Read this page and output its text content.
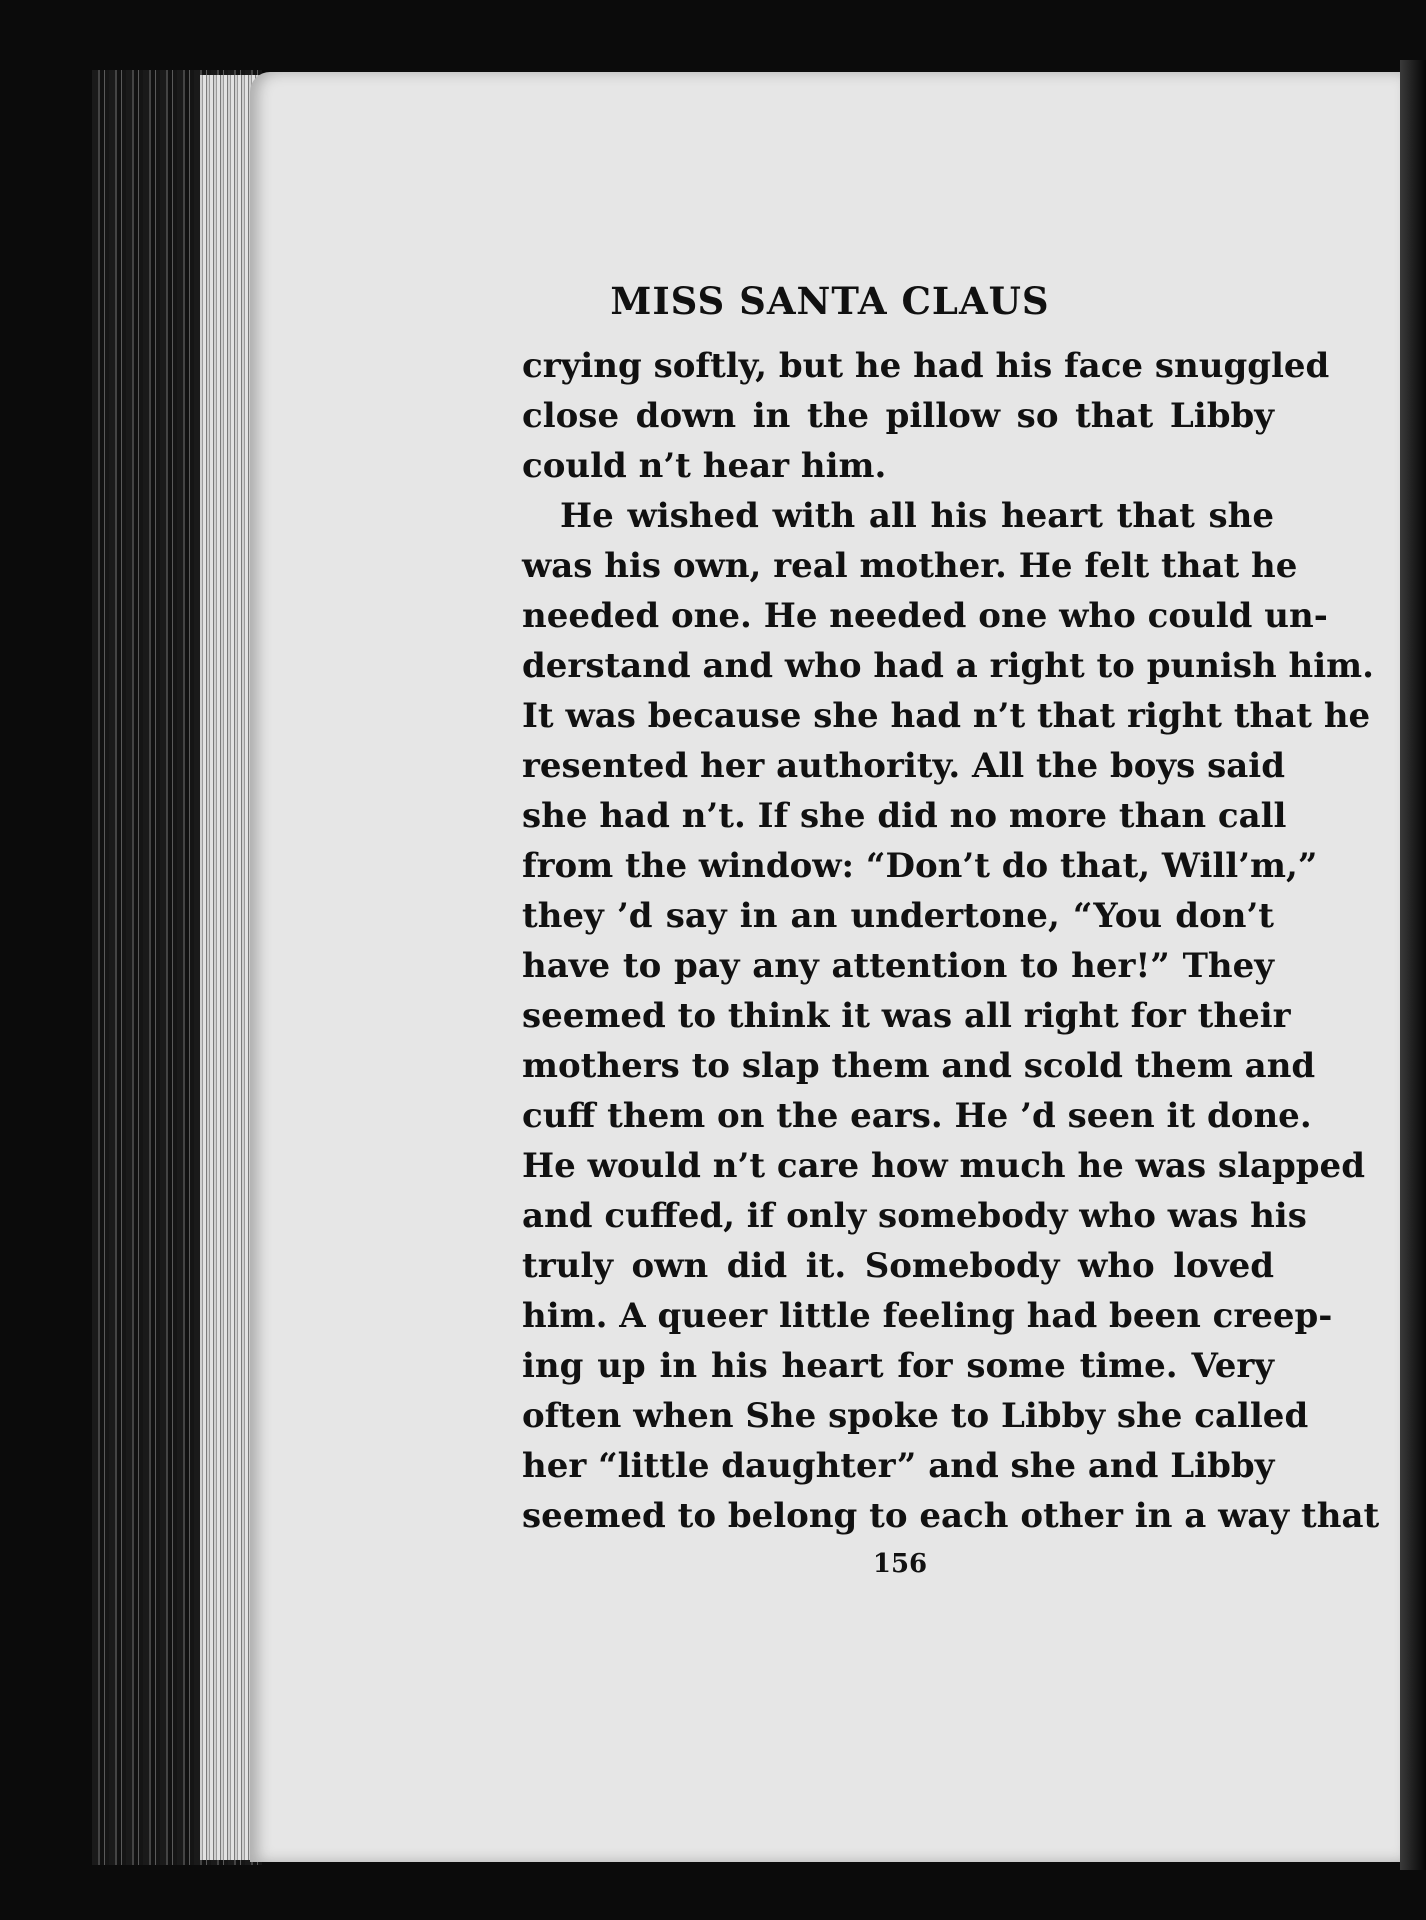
MISS SANTA CLAUS
crying softly, but he had his face snuggled
close down in the pillow so that Libby
could n’t hear him.
He wished with all his heart that she
was his own, real mother. He felt that he
needed one. He needed one who could un-
derstand and who had a right to punish him.
It was because she had n’t that right that he
resented her authority. All the boys said
she had n’t. If she did no more than call
from the window: “Don’t do that, Will’m,”
they ’d say in an undertone, “You don’t
have to pay any attention to her!” They
seemed to think it was all right for their
mothers to slap them and scold them and
cuff them on the ears. He ’d seen it done.
He would n’t care how much he was slapped
and cuffed, if only somebody who was his
truly own did it. Somebody who loved
him. A queer little feeling had been creep-
ing up in his heart for some time. Very
often when She spoke to Libby she called
her “little daughter” and she and Libby
seemed to belong to each other in a way that
156
